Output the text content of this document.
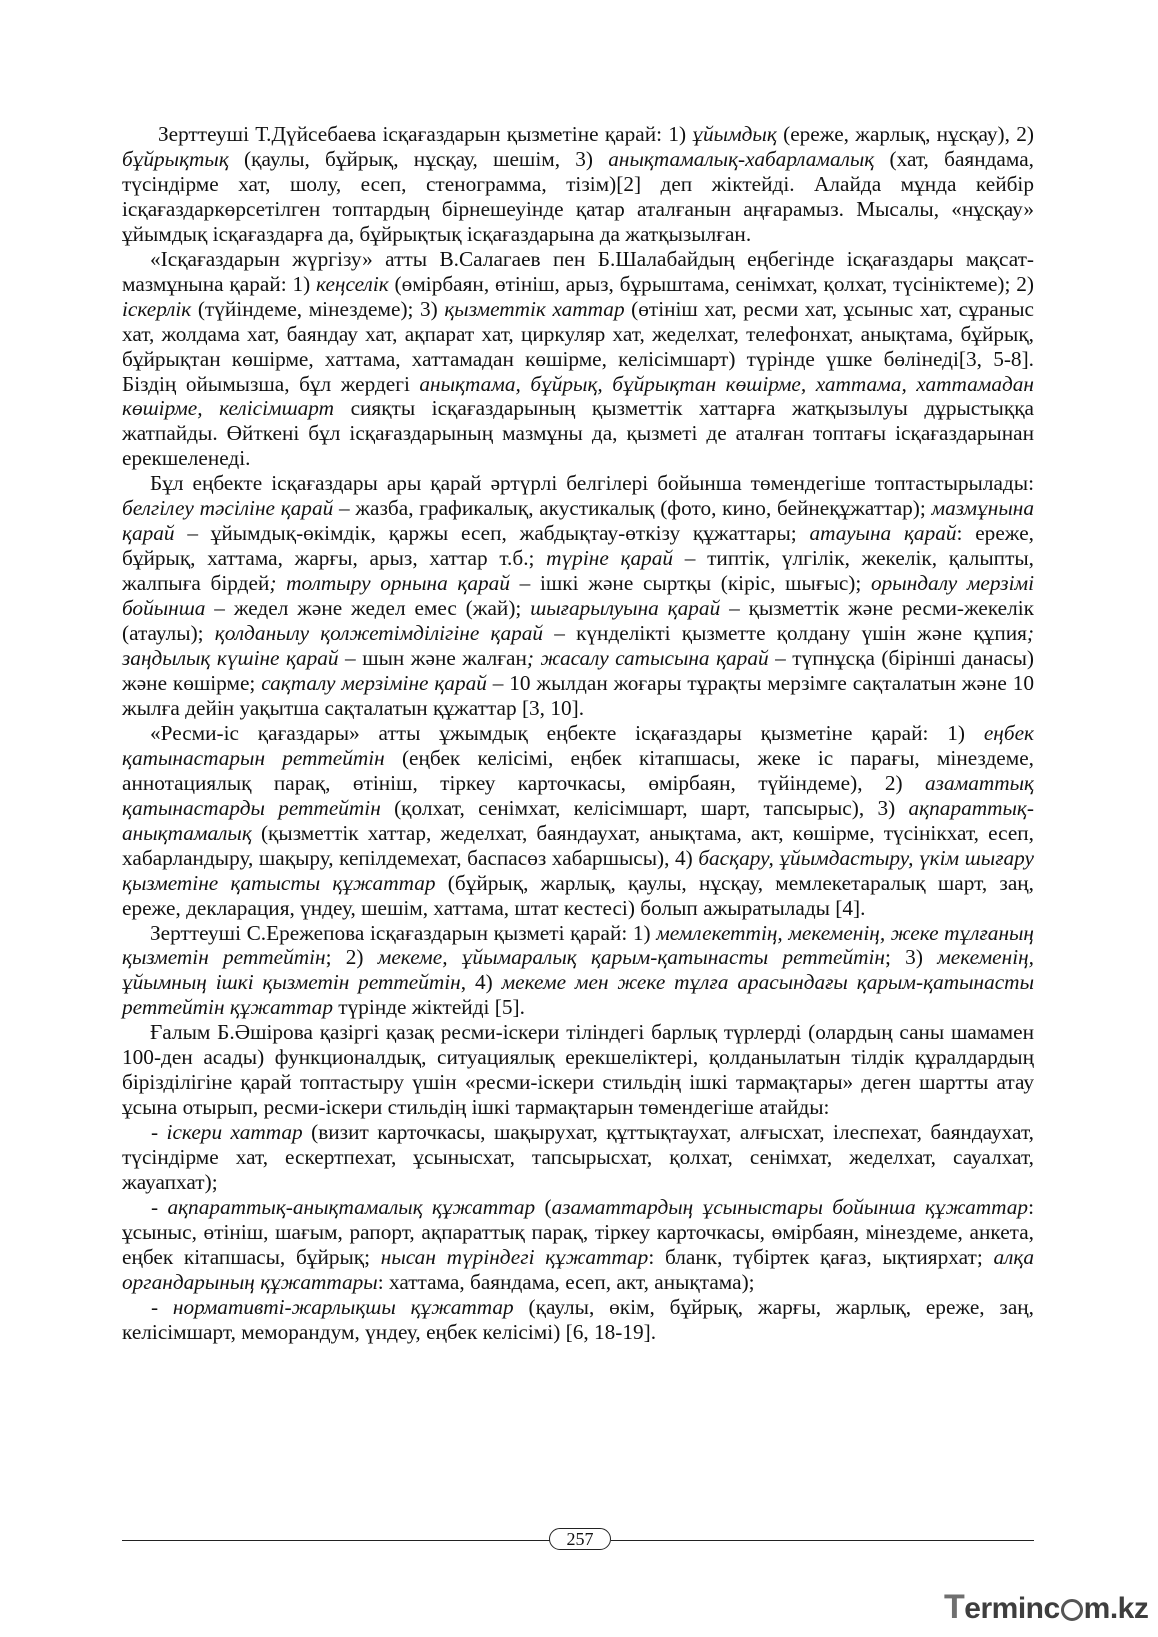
Зерттеуші Т.Дүйсебаева ісқағаздарын қызметіне қарай: 1) ұйымдық (ереже, жарлық, нұсқау), 2) бұйрықтық (қаулы, бұйрық, нұсқау, шешім, 3) анықтамалық-хабарламалық (хат, баяндама, түсіндірме хат, шолу, есеп, стенограмма, тізім)[2] деп жіктейді. Алайда мұнда кейбір ісқағаздаркөрсетілген топтардың бірнешеуінде қатар аталғанын аңғарамыз. Мысалы, «нұсқау» ұйымдық ісқағаздарға да, бұйрықтық ісқағаздарына да жатқызылған.

«Ісқағаздарын жүргізу» атты В.Салагаев пен Б.Шалабайдың еңбегінде ісқағаздары мақсат-мазмұнына қарай: 1) кеңселік (өмірбаян, өтініш, арыз, бұрыштама, сенімхат, қолхат, түсініктеме); 2) іскерлік (түйіндеме, мінездеме); 3) қызметтік хаттар (өтініш хат, ресми хат, ұсыныс хат, сұраныс хат, жолдама хат, баяндау хат, ақпарат хат, циркуляр хат, жеделхат, телефонхат, анықтама, бұйрық, бұйрықтан көшірме, хаттама, хаттамадан көшірме, келісімшарт) түрінде үшке бөлінеді[3, 5-8]. Біздің ойымызша, бұл жердегі анықтама, бұйрық, бұйрықтан көшірме, хаттама, хаттамадан көшірме, келісімшарт сияқты ісқағаздарының қызметтік хаттарға жатқызылуы дұрыстыққа жатпайды. Өйткені бұл ісқағаздарының мазмұны да, қызметі де аталған топтағы ісқағаздарынан ерекшеленеді.

Бұл еңбекте ісқағаздары ары қарай әртүрлі белгілері бойынша төмендегіше топтастырылады: белгілеу тәсіліне қарай – жазба, графикалық, акустикалық (фото, кино, бейнеқұжаттар); мазмұнына қарай – ұйымдық-өкімдік, қаржы есеп, жабдықтау-өткізу құжаттары; атауына қарай: ереже, бұйрық, хаттама, жарғы, арыз, хаттар т.б.; түріне қарай – типтік, үлгілік, жекелік, қалыпты, жалпыға бірдей; толтыру орнына қарай – ішкі және сыртқы (кіріс, шығыс); орындалу мерзімі бойынша – жедел және жедел емес (жай); шығарылуына қарай – қызметтік және ресми-жекелік (атаулы); қолданылу қолжетімділігіне қарай – күнделікті қызметте қолдану үшін және құпия; заңдылық күшіне қарай – шын және жалған; жасалу сатысына қарай – түпнұсқа (бірінші данасы) және көшірме; сақталу мерзіміне қарай – 10 жылдан жоғары тұрақты мерзімге сақталатын және 10 жылға дейін уақытша сақталатын құжаттар [3, 10].

«Ресми-іс қағаздары» атты ұжымдық еңбекте ісқағаздары қызметіне қарай: 1) еңбек қатынастарын реттейтін (еңбек келісімі, еңбек кітапшасы, жеке іс парағы, мінездеме, аннотациялық парақ, өтініш, тіркеу карточкасы, өмірбаян, түйіндеме), 2) азаматтық қатынастарды реттейтін (қолхат, сенімхат, келісімшарт, шарт, тапсырыс), 3) ақпараттық-анықтамалық (қызметтік хаттар, жеделхат, баяндаухат, анықтама, акт, көшірме, түсінікхат, есеп, хабарландыру, шақыру, кепілдемехат, баспасөз хабаршысы), 4) басқару, ұйымдастыру, үкім шығару қызметіне қатысты құжаттар (бұйрық, жарлық, қаулы, нұсқау, мемлекетаралық шарт, заң, ереже, декларация, үндеу, шешім, хаттама, штат кестесі) болып ажыратылады [4].

Зерттеуші С.Ережепова ісқағаздарын қызметі қарай: 1) мемлекеттің, мекеменің, жеке тұлғаның қызметін реттейтін; 2) мекеме, ұйымаралық қарым-қатынасты реттейтін; 3) мекеменің, ұйымның ішкі қызметін реттейтін, 4) мекеме мен жеке тұлға арасындағы қарым-қатынасты реттейтін құжаттар түрінде жіктейді [5].

Ғалым Б.Әшірова қазіргі қазақ ресми-іскери тіліндегі барлық түрлерді (олардың саны шамамен 100-ден асады) функционалдық, ситуациялық ерекшеліктері, қолданылатын тілдік құралдардың біріздiлігіне қарай топтастыру үшін «ресми-іскери стильдің ішкі тармақтары» деген шартты атау ұсына отырып, ресми-іскери стильдің ішкі тармақтарын төмендегіше атайды:

- іскери хаттар (визит карточкасы, шақырухат, құттықтаухат, алғысхат, ілеспехат, баяндаухат, түсіндірме хат, ескертпехат, ұсынысхат, тапсырысхат, қолхат, сенімхат, жеделхат, сауалхат, жауапхат);

- ақпараттық-анықтамалық құжаттар (азаматтардың ұсыныстары бойынша құжаттар: ұсыныс, өтініш, шағым, рапорт, ақпараттық парақ, тіркеу карточкасы, өмірбаян, мінездеме, анкета, еңбек кітапшасы, бұйрық; нысан түріндегі құжаттар: бланк, түбіртек қағаз, ықтиярхат; алқа органдарының құжаттары: хаттама, баяндама, есеп, акт, анықтама);

- нормативті-жарлықшы құжаттар (қаулы, өкім, бұйрық, жарғы, жарлық, ереже, заң, келісімшарт, меморандум, үндеу, еңбек келісімі) [6, 18-19].

257
Terminc m.kz
